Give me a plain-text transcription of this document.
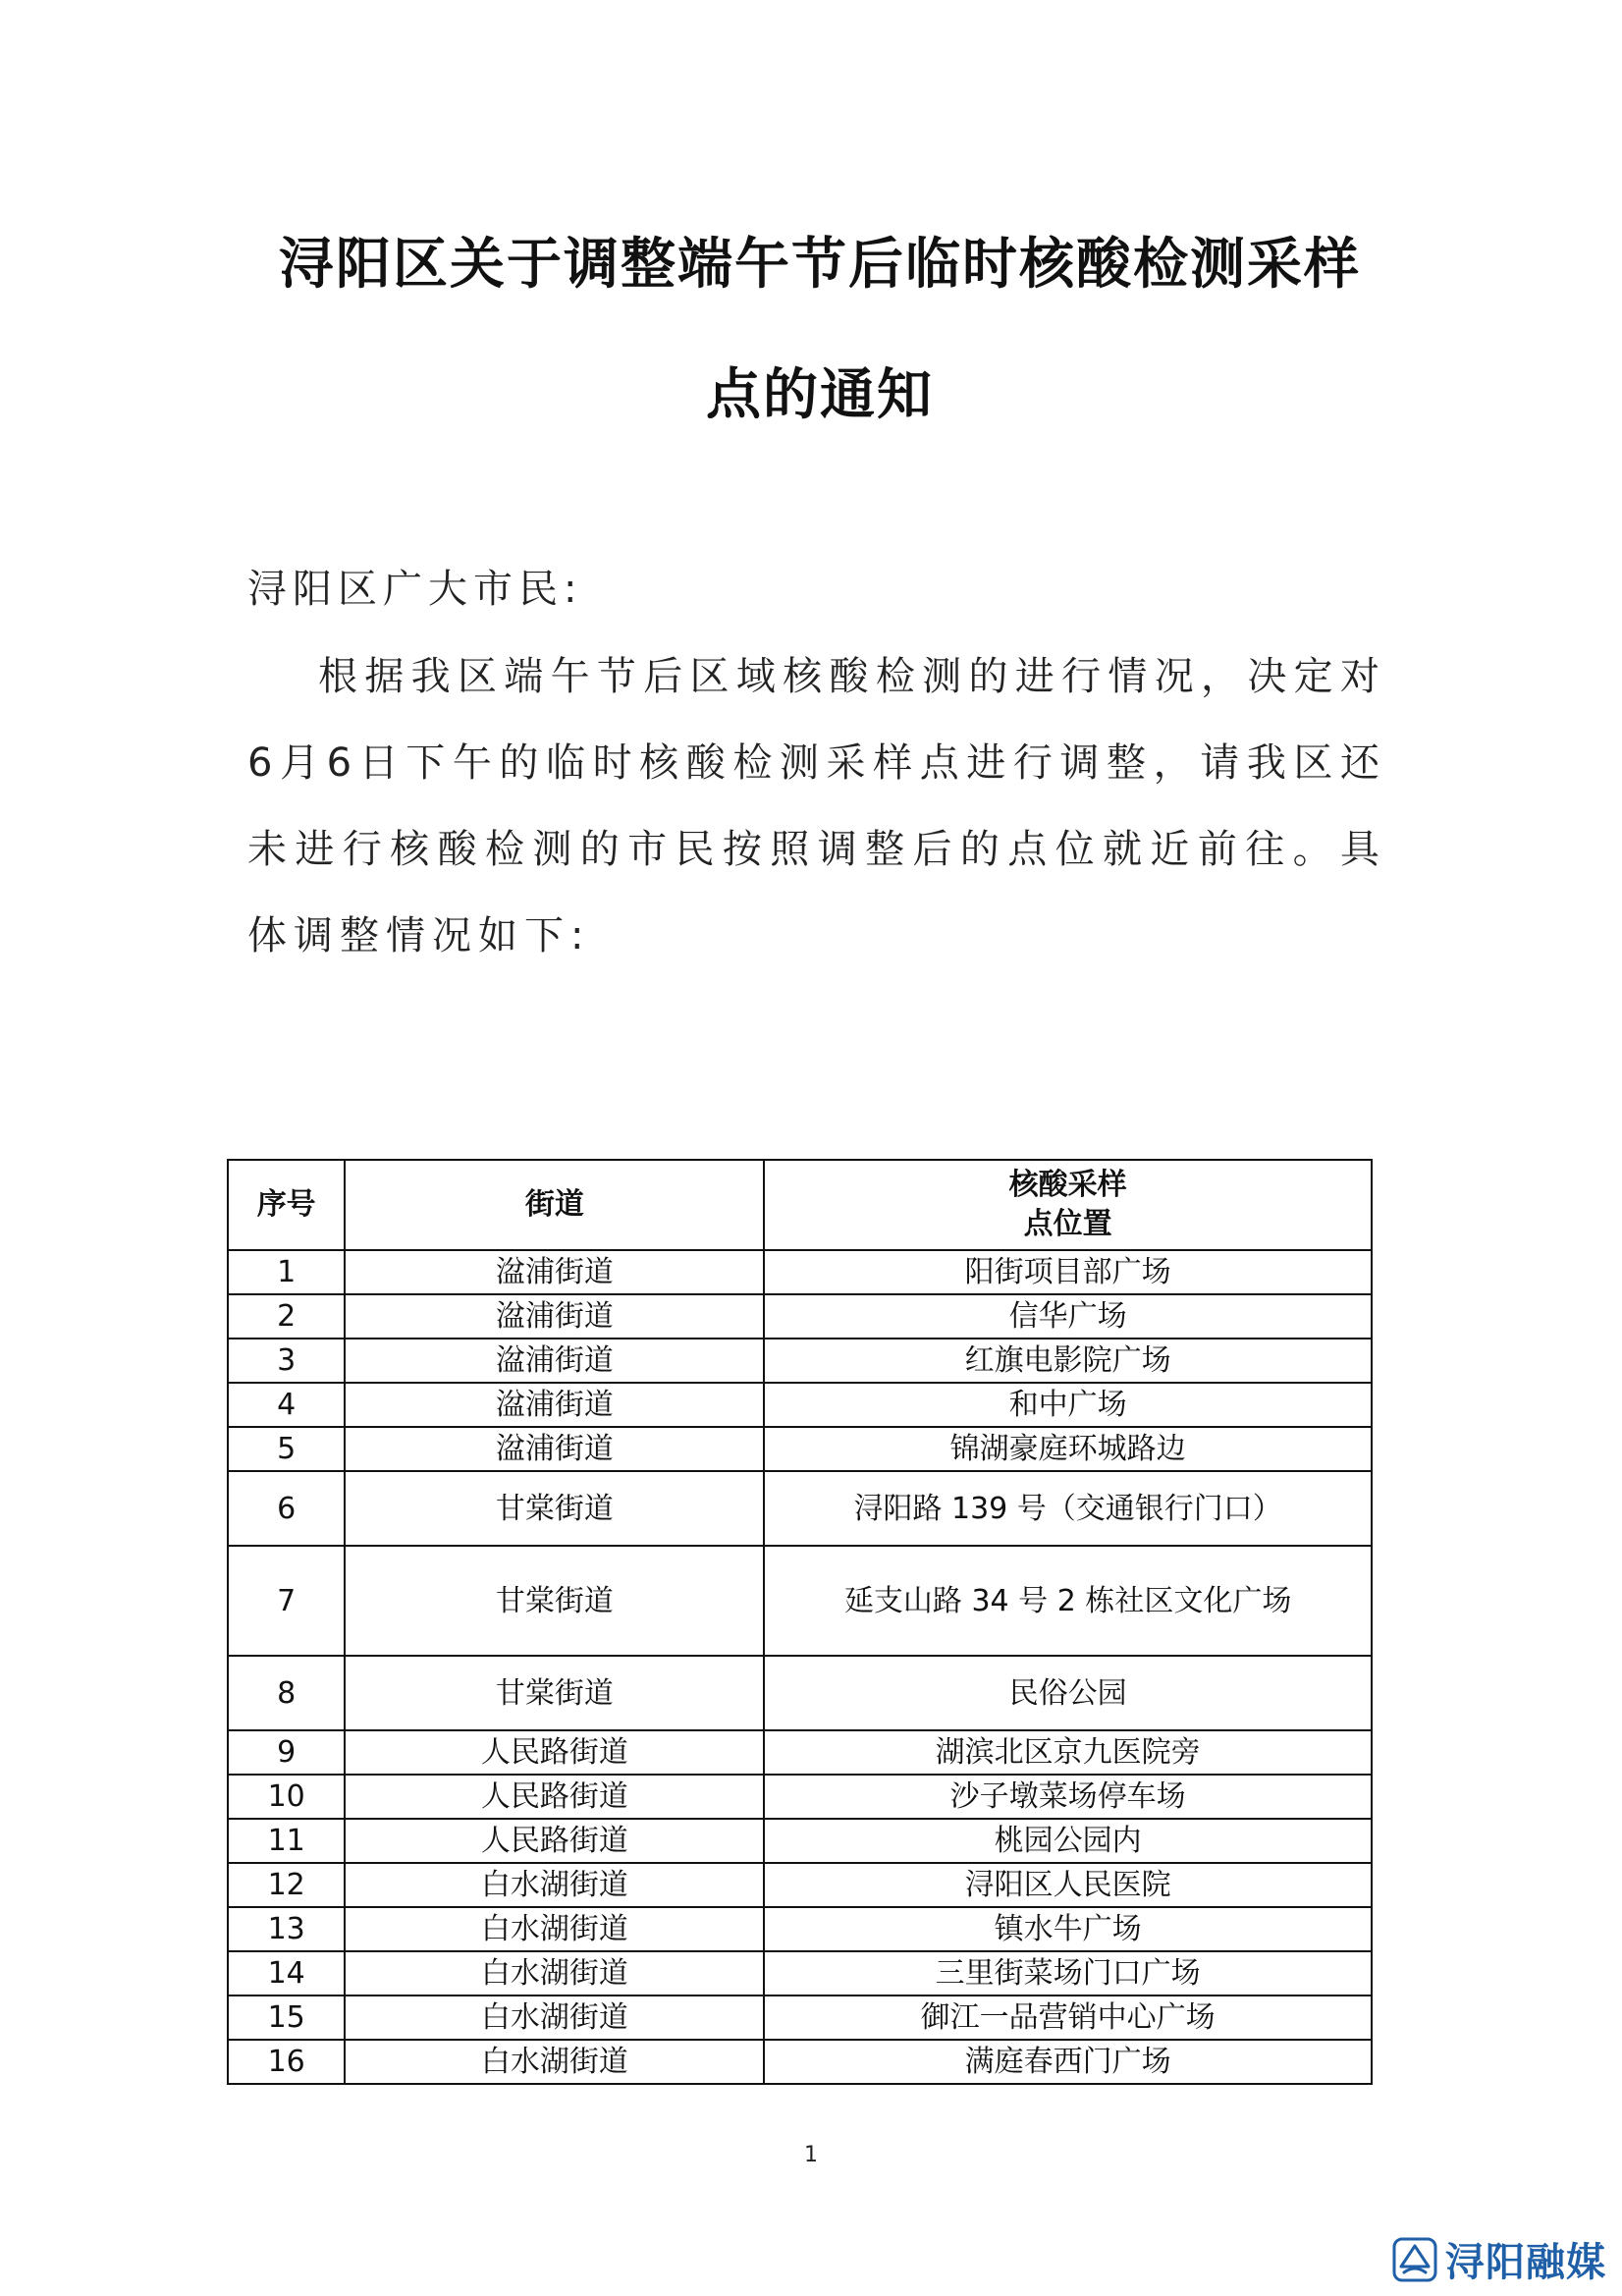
浔阳区关于调整端午节后临时核酸检测采样
点的通知
浔阳区广大市民:
根据我区端午节后区域核酸检测的进行情况，决定对6月6日下午的临时核酸检测采样点进行调整，请我区还未进行核酸检测的市民按照调整后的点位就近前往。具体调整情况如下:
序号	街道	核酸采样
点位置

1	湓浦街道	阳街项目部广场
2	湓浦街道	信华广场
3	湓浦街道	红旗电影院广场
4	湓浦街道	和中广场
5	湓浦街道	锦湖豪庭环城路边
6	甘棠街道	浔阳路 139 号（交通银行门口）
7	甘棠街道	延支山路 34 号 2 栋社区文化广场
8	甘棠街道	民俗公园
9	人民路街道	湖滨北区京九医院旁
10	人民路街道	沙子墩菜场停车场
11	人民路街道	桃园公园内
12	白水湖街道	浔阳区人民医院
13	白水湖街道	镇水牛广场
14	白水湖街道	三里街菜场门口广场
15	白水湖街道	御江一品营销中心广场
16	白水湖街道	满庭春西门广场
1
浔阳融媒
